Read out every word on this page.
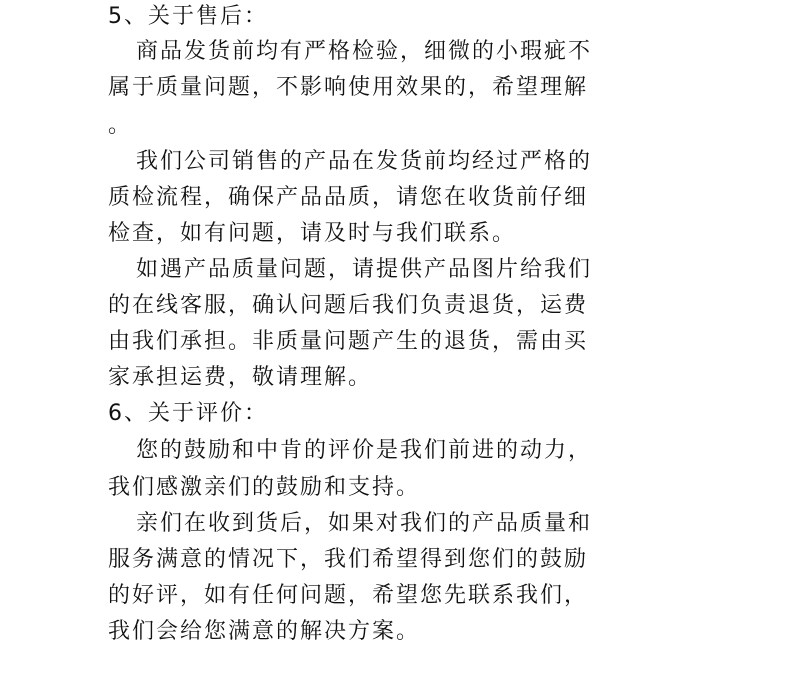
5、关于售后：
商品发货前均有严格检验，细微的小瑕疵不
属于质量问题，不影响使用效果的，希望理解
。
我们公司销售的产品在发货前均经过严格的
质检流程，确保产品品质，请您在收货前仔细
检查，如有问题，请及时与我们联系。
如遇产品质量问题，请提供产品图片给我们
的在线客服，确认问题后我们负责退货，运费
由我们承担。非质量问题产生的退货，需由买
家承担运费，敬请理解。
6、关于评价：
您的鼓励和中肯的评价是我们前进的动力，
我们感激亲们的鼓励和支持。
亲们在收到货后，如果对我们的产品质量和
服务满意的情况下，我们希望得到您们的鼓励
的好评，如有任何问题，希望您先联系我们，
我们会给您满意的解决方案。
